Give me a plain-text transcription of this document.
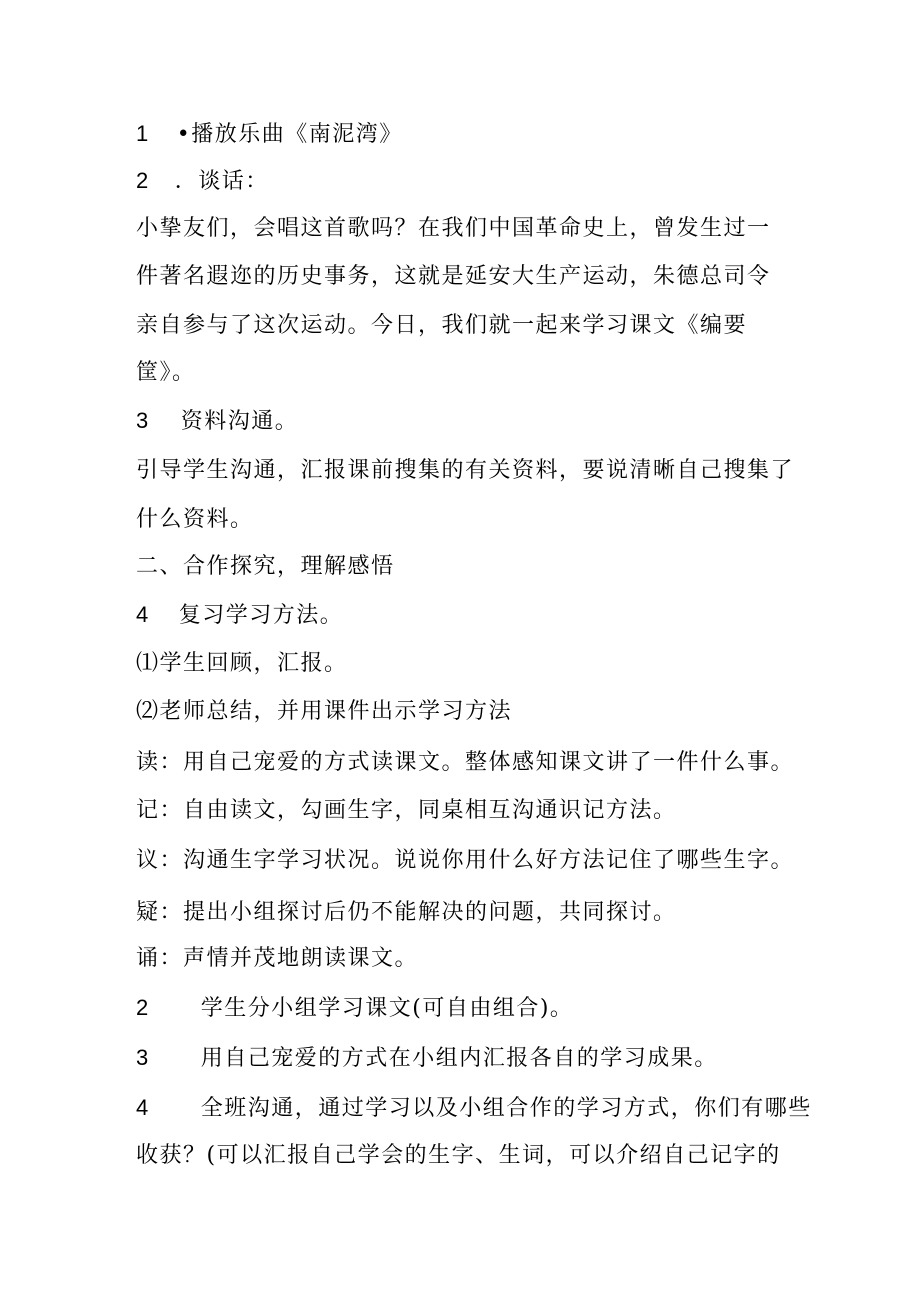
1 •播放乐曲《南泥湾》
2 ．谈话：
小挚友们，会唱这首歌吗？在我们中国革命史上，曾发生过一
件著名遐迩的历史事务，这就是延安大生产运动，朱德总司令
亲自参与了这次运动。今日，我们就一起来学习课文《编要
筐》。
3 资料沟通。
引导学生沟通，汇报课前搜集的有关资料，要说清晰自己搜集了
什么资料。
二、合作探究，理解感悟
4 复习学习方法。
⑴学生回顾，汇报。
⑵老师总结，并用课件出示学习方法
读：用自己宠爱的方式读课文。整体感知课文讲了一件什么事。
记：自由读文，勾画生字，同桌相互沟通识记方法。
议：沟通生字学习状况。说说你用什么好方法记住了哪些生字。
疑：提出小组探讨后仍不能解决的问题，共同探讨。
诵：声情并茂地朗读课文。
2 学生分小组学习课文(可自由组合)。
3 用自己宠爱的方式在小组内汇报各自的学习成果。
4 全班沟通，通过学习以及小组合作的学习方式，你们有哪些
收获？(可以汇报自己学会的生字、生词，可以介绍自己记字的
